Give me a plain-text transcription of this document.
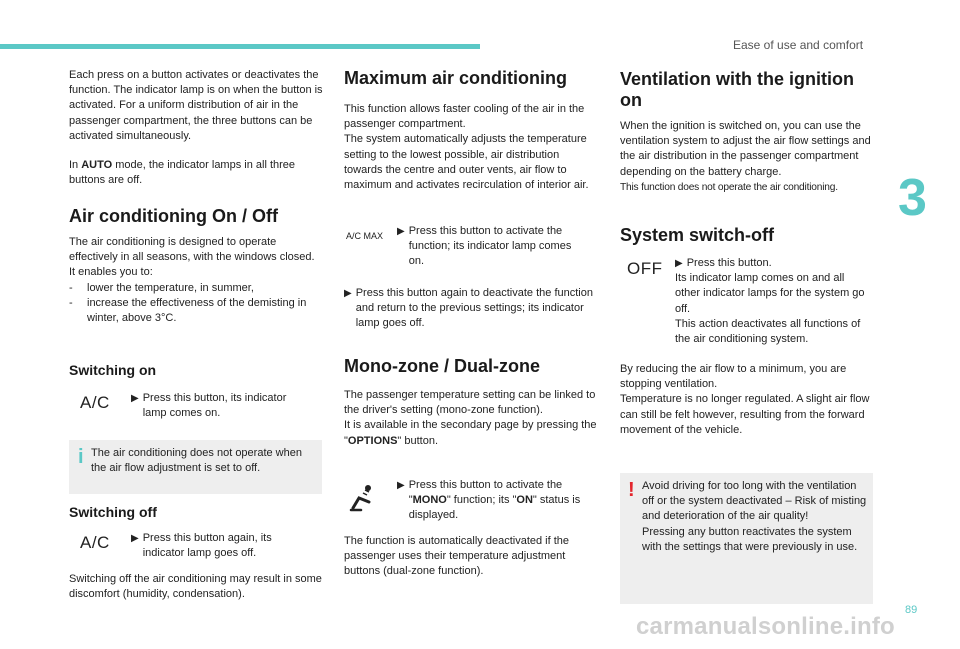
Ease of use and comfort
3
Each press on a button activates or deactivates the function. The indicator lamp is on when the button is activated. For a uniform distribution of air in the passenger compartment, the three buttons can be activated simultaneously.
In AUTO mode, the indicator lamps in all three buttons are off.
Air conditioning On / Off
The air conditioning is designed to operate effectively in all seasons, with the windows closed.
It enables you to:
-	lower the temperature, in summer,
-	increase the effectiveness of the demisting in winter, above 3°C.
Switching on
A/C ▶ Press this button, its indicator lamp comes on.
i The air conditioning does not operate when the air flow adjustment is set to off.
Switching off
A/C ▶ Press this button again, its indicator lamp goes off.
Switching off the air conditioning may result in some discomfort (humidity, condensation).
Maximum air conditioning
This function allows faster cooling of the air in the passenger compartment.
The system automatically adjusts the temperature setting to the lowest possible, air distribution towards the centre and outer vents, air flow to maximum and activates recirculation of interior air.
A/C MAX ▶ Press this button to activate the function; its indicator lamp comes on.
▶ Press this button again to deactivate the function and return to the previous settings; its indicator lamp goes off.
Mono-zone / Dual-zone
The passenger temperature setting can be linked to the driver's setting (mono-zone function).
It is available in the secondary page by pressing the "OPTIONS" button.
▶ Press this button to activate the "MONO" function; its "ON" status is displayed.
The function is automatically deactivated if the passenger uses their temperature adjustment buttons (dual-zone function).
Ventilation with the ignition on
When the ignition is switched on, you can use the ventilation system to adjust the air flow settings and the air distribution in the passenger compartment depending on the battery charge.
This function does not operate the air conditioning.
System switch-off
OFF ▶ Press this button.
Its indicator lamp comes on and all other indicator lamps for the system go off.
This action deactivates all functions of the air conditioning system.
By reducing the air flow to a minimum, you are stopping ventilation.
Temperature is no longer regulated. A slight air flow can still be felt however, resulting from the forward movement of the vehicle.
! Avoid driving for too long with the ventilation off or the system deactivated – Risk of misting and deterioration of the air quality!
Pressing any button reactivates the system with the settings that were previously in use.
89
carmanualsonline.info
